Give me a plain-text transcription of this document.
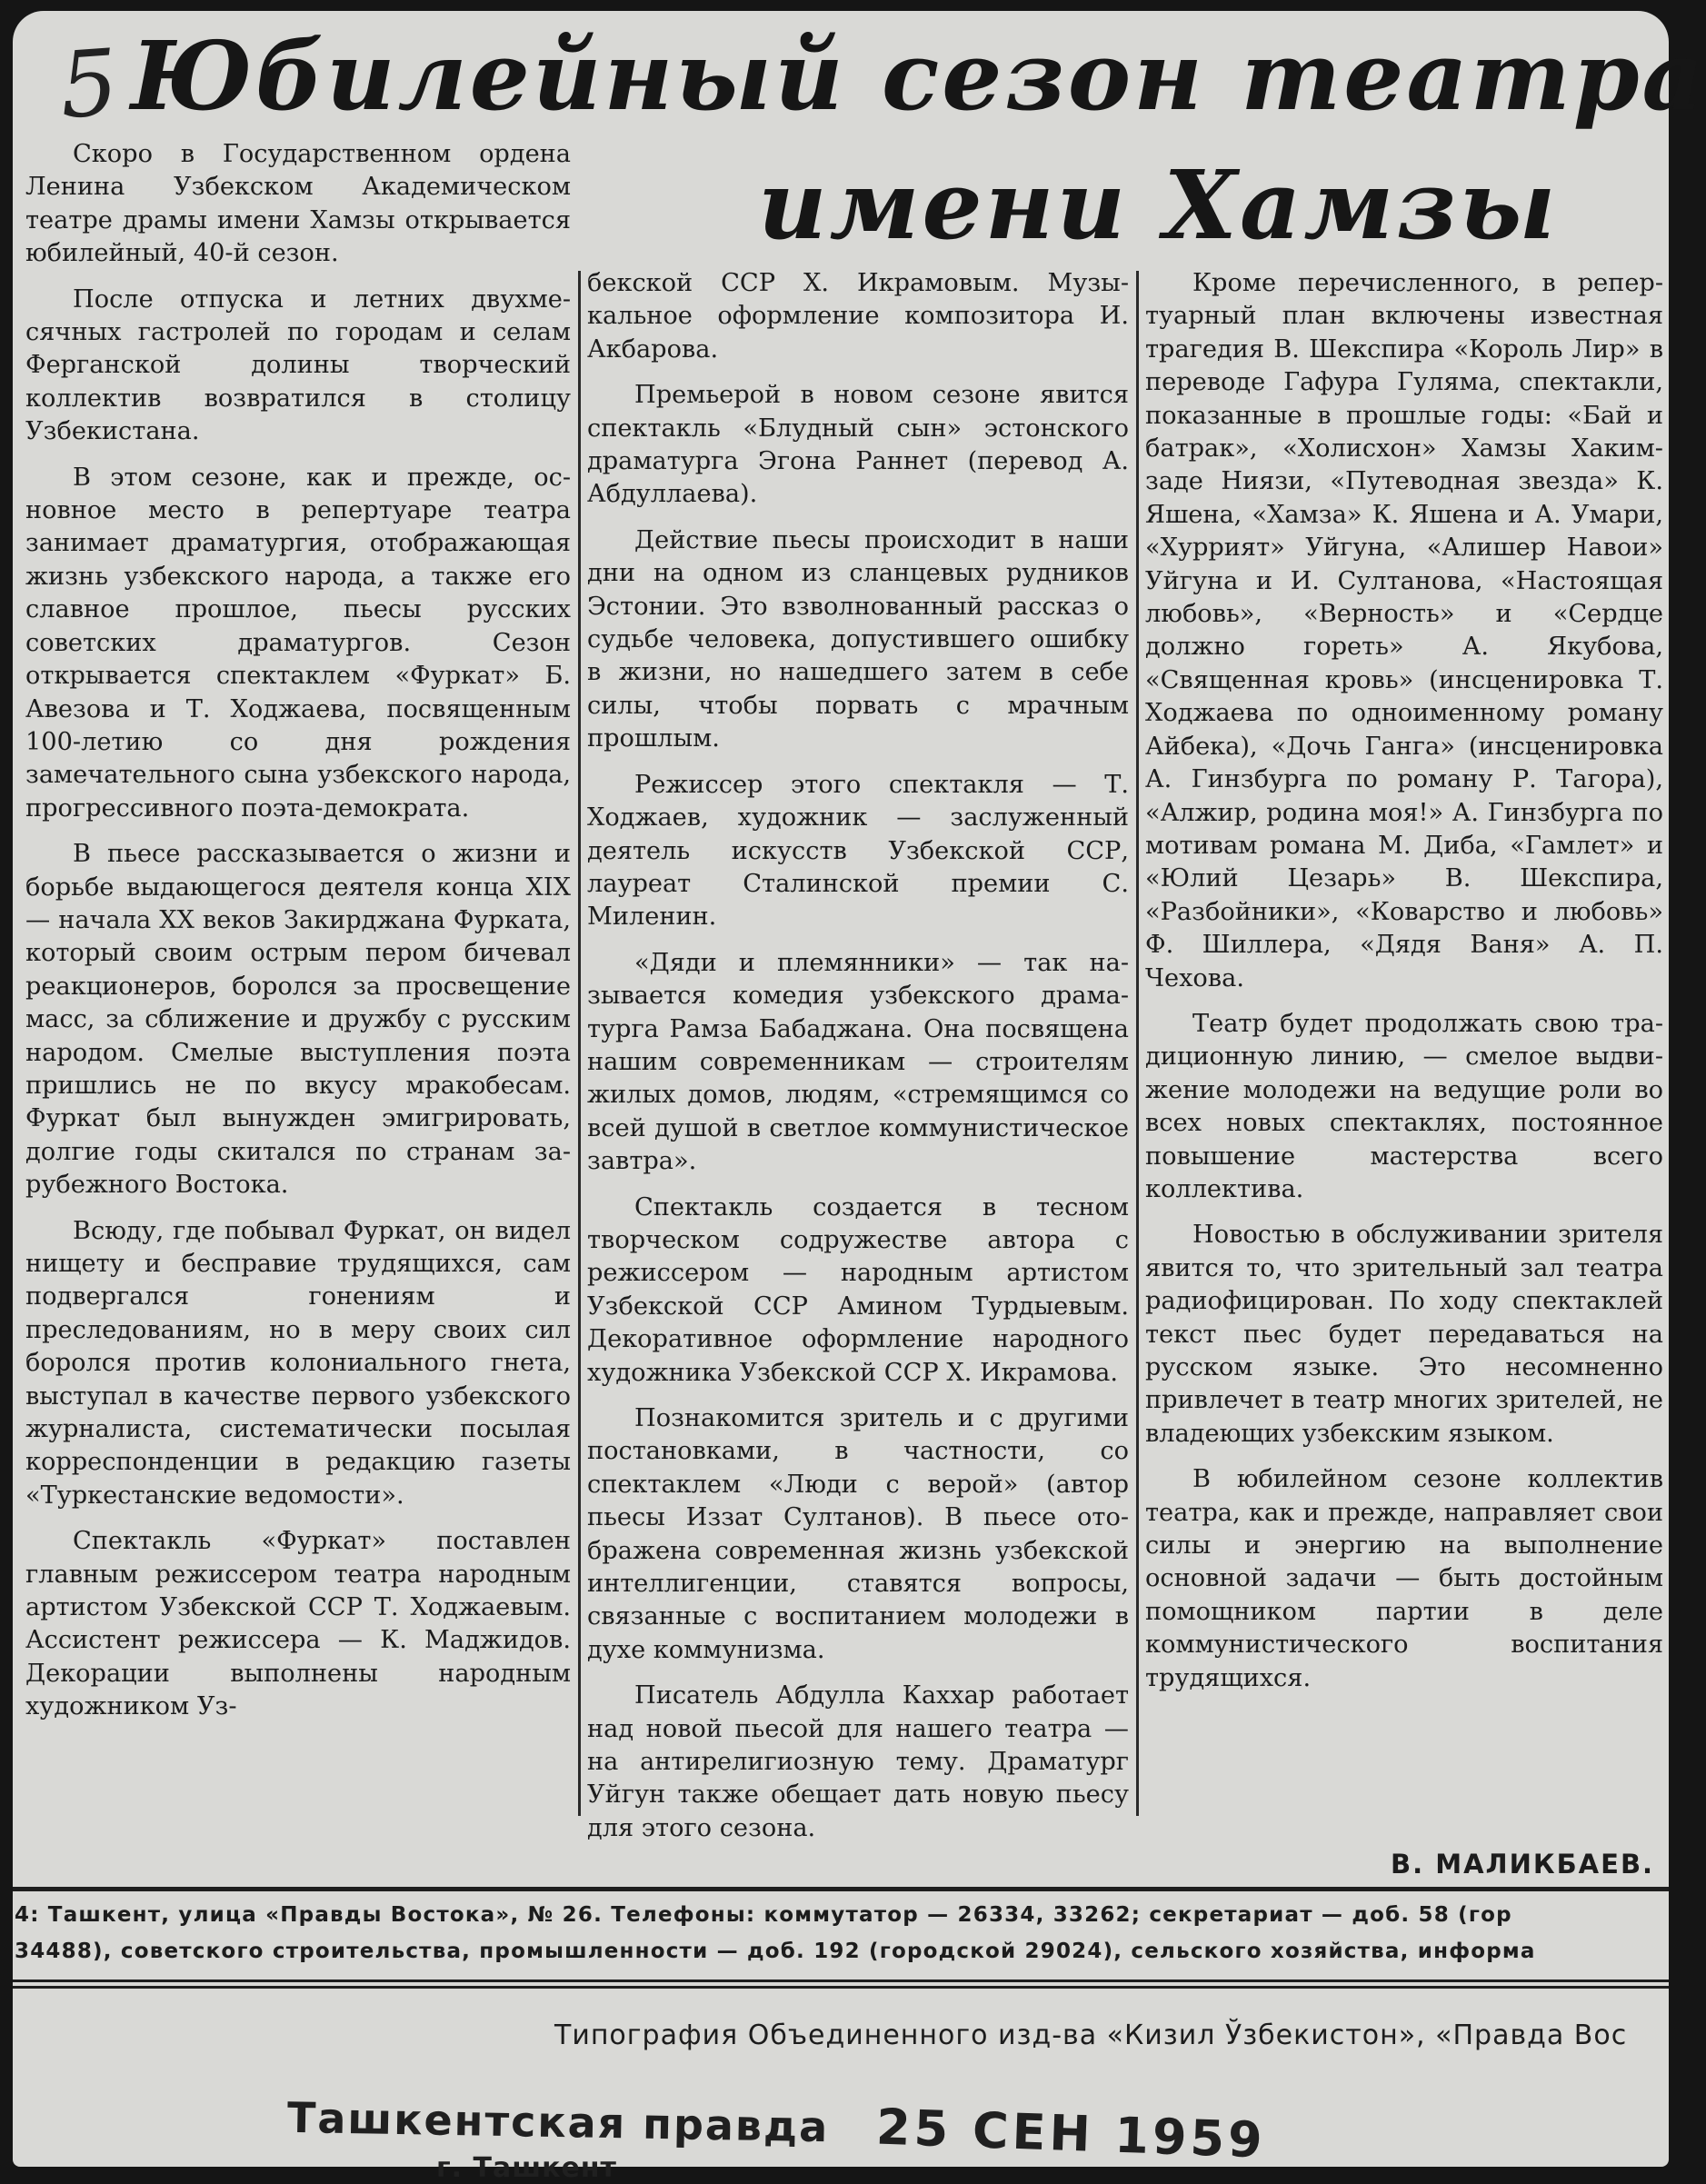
5 Юбилейный сезон театра
имени Хамзы

Скоро в Государственном ордена Ленина Узбекском Академическом театре драмы имени Хамзы открывается юбилейный, 40-й сезон.

После отпуска и летних двухмесячных гастролей по городам и селам Ферганской долины творческий коллектив возвратился в столицу Узбекистана.

В этом сезоне, как и прежде, основное место в репертуаре театра занимает драматургия, отображающая жизнь узбекского народа, а также его славное прошлое, пьесы русских советских драматургов. Сезон открывается спектаклем «Фуркат» Б. Авезова и Т. Ходжаева, посвященным 100-летию со дня рождения замечательного сына узбекского народа, прогрессивного поэта-демократа.

В пьесе рассказывается о жизни и борьбе выдающегося деятеля конца XIX — начала XX веков Закирджана Фурката, который своим острым пером бичевал реакционеров, боролся за просвещение масс, за сближение и дружбу с русским народом. Смелые выступления поэта пришлись не по вкусу мракобесам. Фуркат был вынужден эмигрировать, долгие годы скитался по странам зарубежного Востока.

Всюду, где побывал Фуркат, он видел нищету и бесправие трудящихся, сам подвергался гонениям и преследованиям, но в меру своих сил боролся против колониального гнета, выступал в качестве первого узбекского журналиста, систематически посылая корреспонденции в редакцию газеты «Туркестанские ведомости».

Спектакль «Фуркат» поставлен главным режиссером театра народным артистом Узбекской ССР Т. Ходжаевым. Ассистент режиссера — К. Маджидов. Декорации выполнены народным художником Уз-

бекской ССР Х. Икрамовым. Музыкальное оформление композитора И. Акбарова.

Премьерой в новом сезоне явится спектакль «Блудный сын» эстонского драматурга Эгона Раннет (перевод А. Абдуллаева).

Действие пьесы происходит в наши дни на одном из сланцевых рудников Эстонии. Это взволнованный рассказ о судьбе человека, допустившего ошибку в жизни, но нашедшего затем в себе силы, чтобы порвать с мрачным прошлым.

Режиссер этого спектакля — Т. Ходжаев, художник — заслуженный деятель искусств Узбекской ССР, лауреат Сталинской премии С. Миленин.

«Дяди и племянники» — так называется комедия узбекского драматурга Рамза Бабаджана. Она посвящена нашим современникам — строителям жилых домов, людям, «стремящимся со всей душой в светлое коммунистическое завтра».

Спектакль создается в тесном творческом содружестве автора с режиссером — народным артистом Узбекской ССР Амином Турдыевым. Декоративное оформление народного художника Узбекской ССР Х. Икрамова.

Познакомится зритель и с другими постановками, в частности, со спектаклем «Люди с верой» (автор пьесы Иззат Султанов). В пьесе отображена современная жизнь узбекской интеллигенции, ставятся вопросы, связанные с воспитанием молодежи в духе коммунизма.

Писатель Абдулла Каххар работает над новой пьесой для нашего театра — на антирелигиозную тему. Драматург Уйгун также обещает дать новую пьесу для этого сезона.

Кроме перечисленного, в репертуарный план включены известная трагедия В. Шекспира «Король Лир» в переводе Гафура Гуляма, спектакли, показанные в прошлые годы: «Бай и батрак», «Холисхон» Хамзы Хаким-заде Ниязи, «Путеводная звезда» К. Яшена, «Хамза» К. Яшена и А. Умари, «Хуррият» Уйгуна, «Алишер Навои» Уйгуна и И. Султанова, «Настоящая любовь», «Верность» и «Сердце должно гореть» А. Якубова, «Священная кровь» (инсценировка Т. Ходжаева по одноименному роману Айбека), «Дочь Ганга» (инсценировка А. Гинзбурга по роману Р. Тагора), «Алжир, родина моя!» А. Гинзбурга по мотивам романа М. Диба, «Гамлет» и «Юлий Цезарь» В. Шекспира, «Разбойники», «Коварство и любовь» Ф. Шиллера, «Дядя Ваня» А. П. Чехова.

Театр будет продолжать свою традиционную линию, — смелое выдвижение молодежи на ведущие роли во всех новых спектаклях, постоянное повышение мастерства всего коллектива.

Новостью в обслуживании зрителя явится то, что зрительный зал театра радиофицирован. По ходу спектаклей текст пьес будет передаваться на русском языке. Это несомненно привлечет в театр многих зрителей, не владеющих узбекским языком.

В юбилейном сезоне коллектив театра, как и прежде, направляет свои силы и энергию на выполнение основной задачи — быть достойным помощником партии в деле коммунистического воспитания трудящихся.

В. МАЛИКБАЕВ.
4: Ташкент, улица «Правды Востока», № 26. Телефоны: коммутатор — 26334, 33262; секретариат — доб. 58 (гор
34488), советского строительства, промышленности — доб. 192 (городской 29024), сельского хозяйства, информа
Типография Объединенного изд-ва «Кизил Ўзбекистон», «Правда Вос
Ташкентская правда
г. Ташкент	25 СЕН 1959
